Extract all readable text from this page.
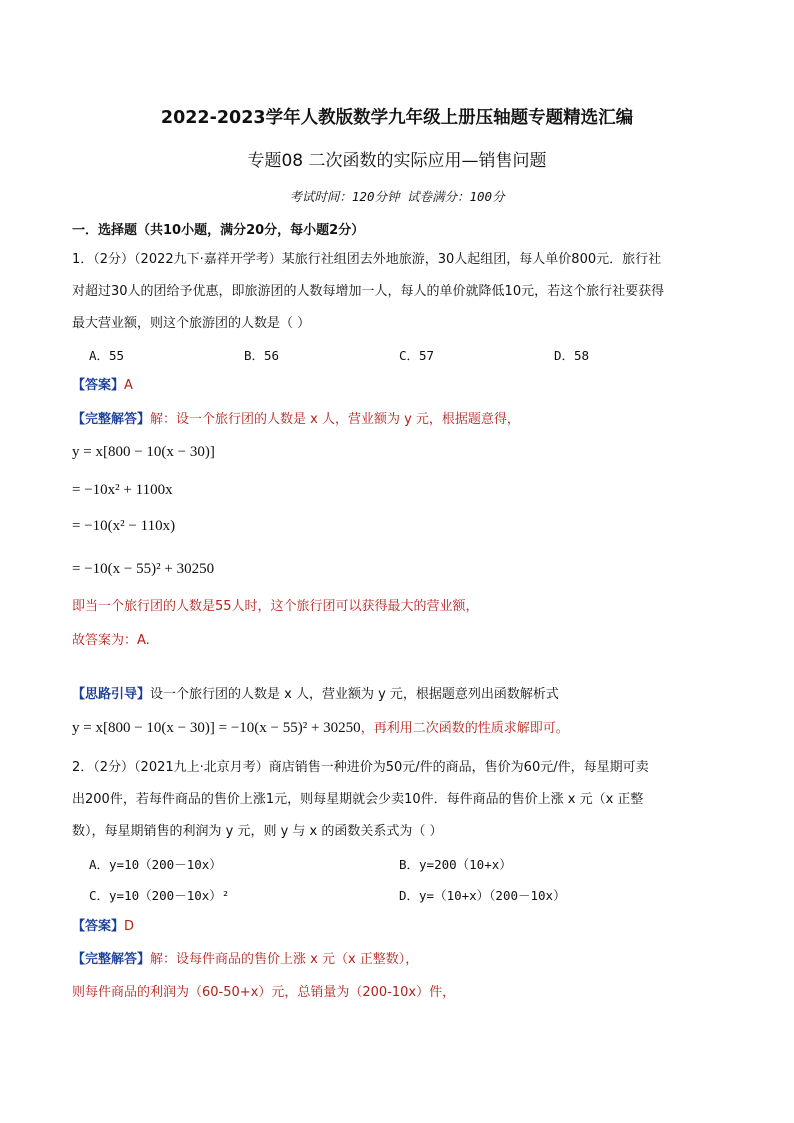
2022-2023学年人教版数学九年级上册压轴题专题精选汇编
专题08 二次函数的实际应用—销售问题
考试时间：120分钟 试卷满分：100分
一．选择题（共10小题，满分20分，每小题2分）
1．（2分）（2022九下·嘉祥开学考）某旅行社组团去外地旅游，30人起组团，每人单价800元．旅行社
对超过30人的团给予优惠，即旅游团的人数每增加一人，每人的单价就降低10元，若这个旅行社要获得
最大营业额，则这个旅游团的人数是（ ）
A．55	B．56	C．57	D．58
【答案】A
【完整解答】解：设一个旅行团的人数是 x 人，营业额为 y 元，根据题意得，
y = x[800 − 10(x − 30)]
= −10x² + 1100x
= −10(x² − 110x)
= −10(x − 55)² + 30250
即当一个旅行团的人数是55人时，这个旅行团可以获得最大的营业额，
故答案为：A.
【思路引导】设一个旅行团的人数是 x 人，营业额为 y 元，根据题意列出函数解析式
y = x[800 − 10(x − 30)] = −10(x − 55)² + 30250，再利用二次函数的性质求解即可。
2．（2分）（2021九上·北京月考）商店销售一种进价为50元/件的商品，售价为60元/件，每星期可卖
出200件，若每件商品的售价上涨1元，则每星期就会少卖10件．每件商品的售价上涨 x 元（x 正整
数），每星期销售的利润为 y 元，则 y 与 x 的函数关系式为（ ）
A．y=10（200－10x）	B．y=200（10+x）
C．y=10（200－10x）²	D．y=（10+x）（200－10x）
【答案】D
【完整解答】解：设每件商品的售价上涨 x 元（x 正整数），
则每件商品的利润为（60-50+x）元，总销量为（200-10x）件，
